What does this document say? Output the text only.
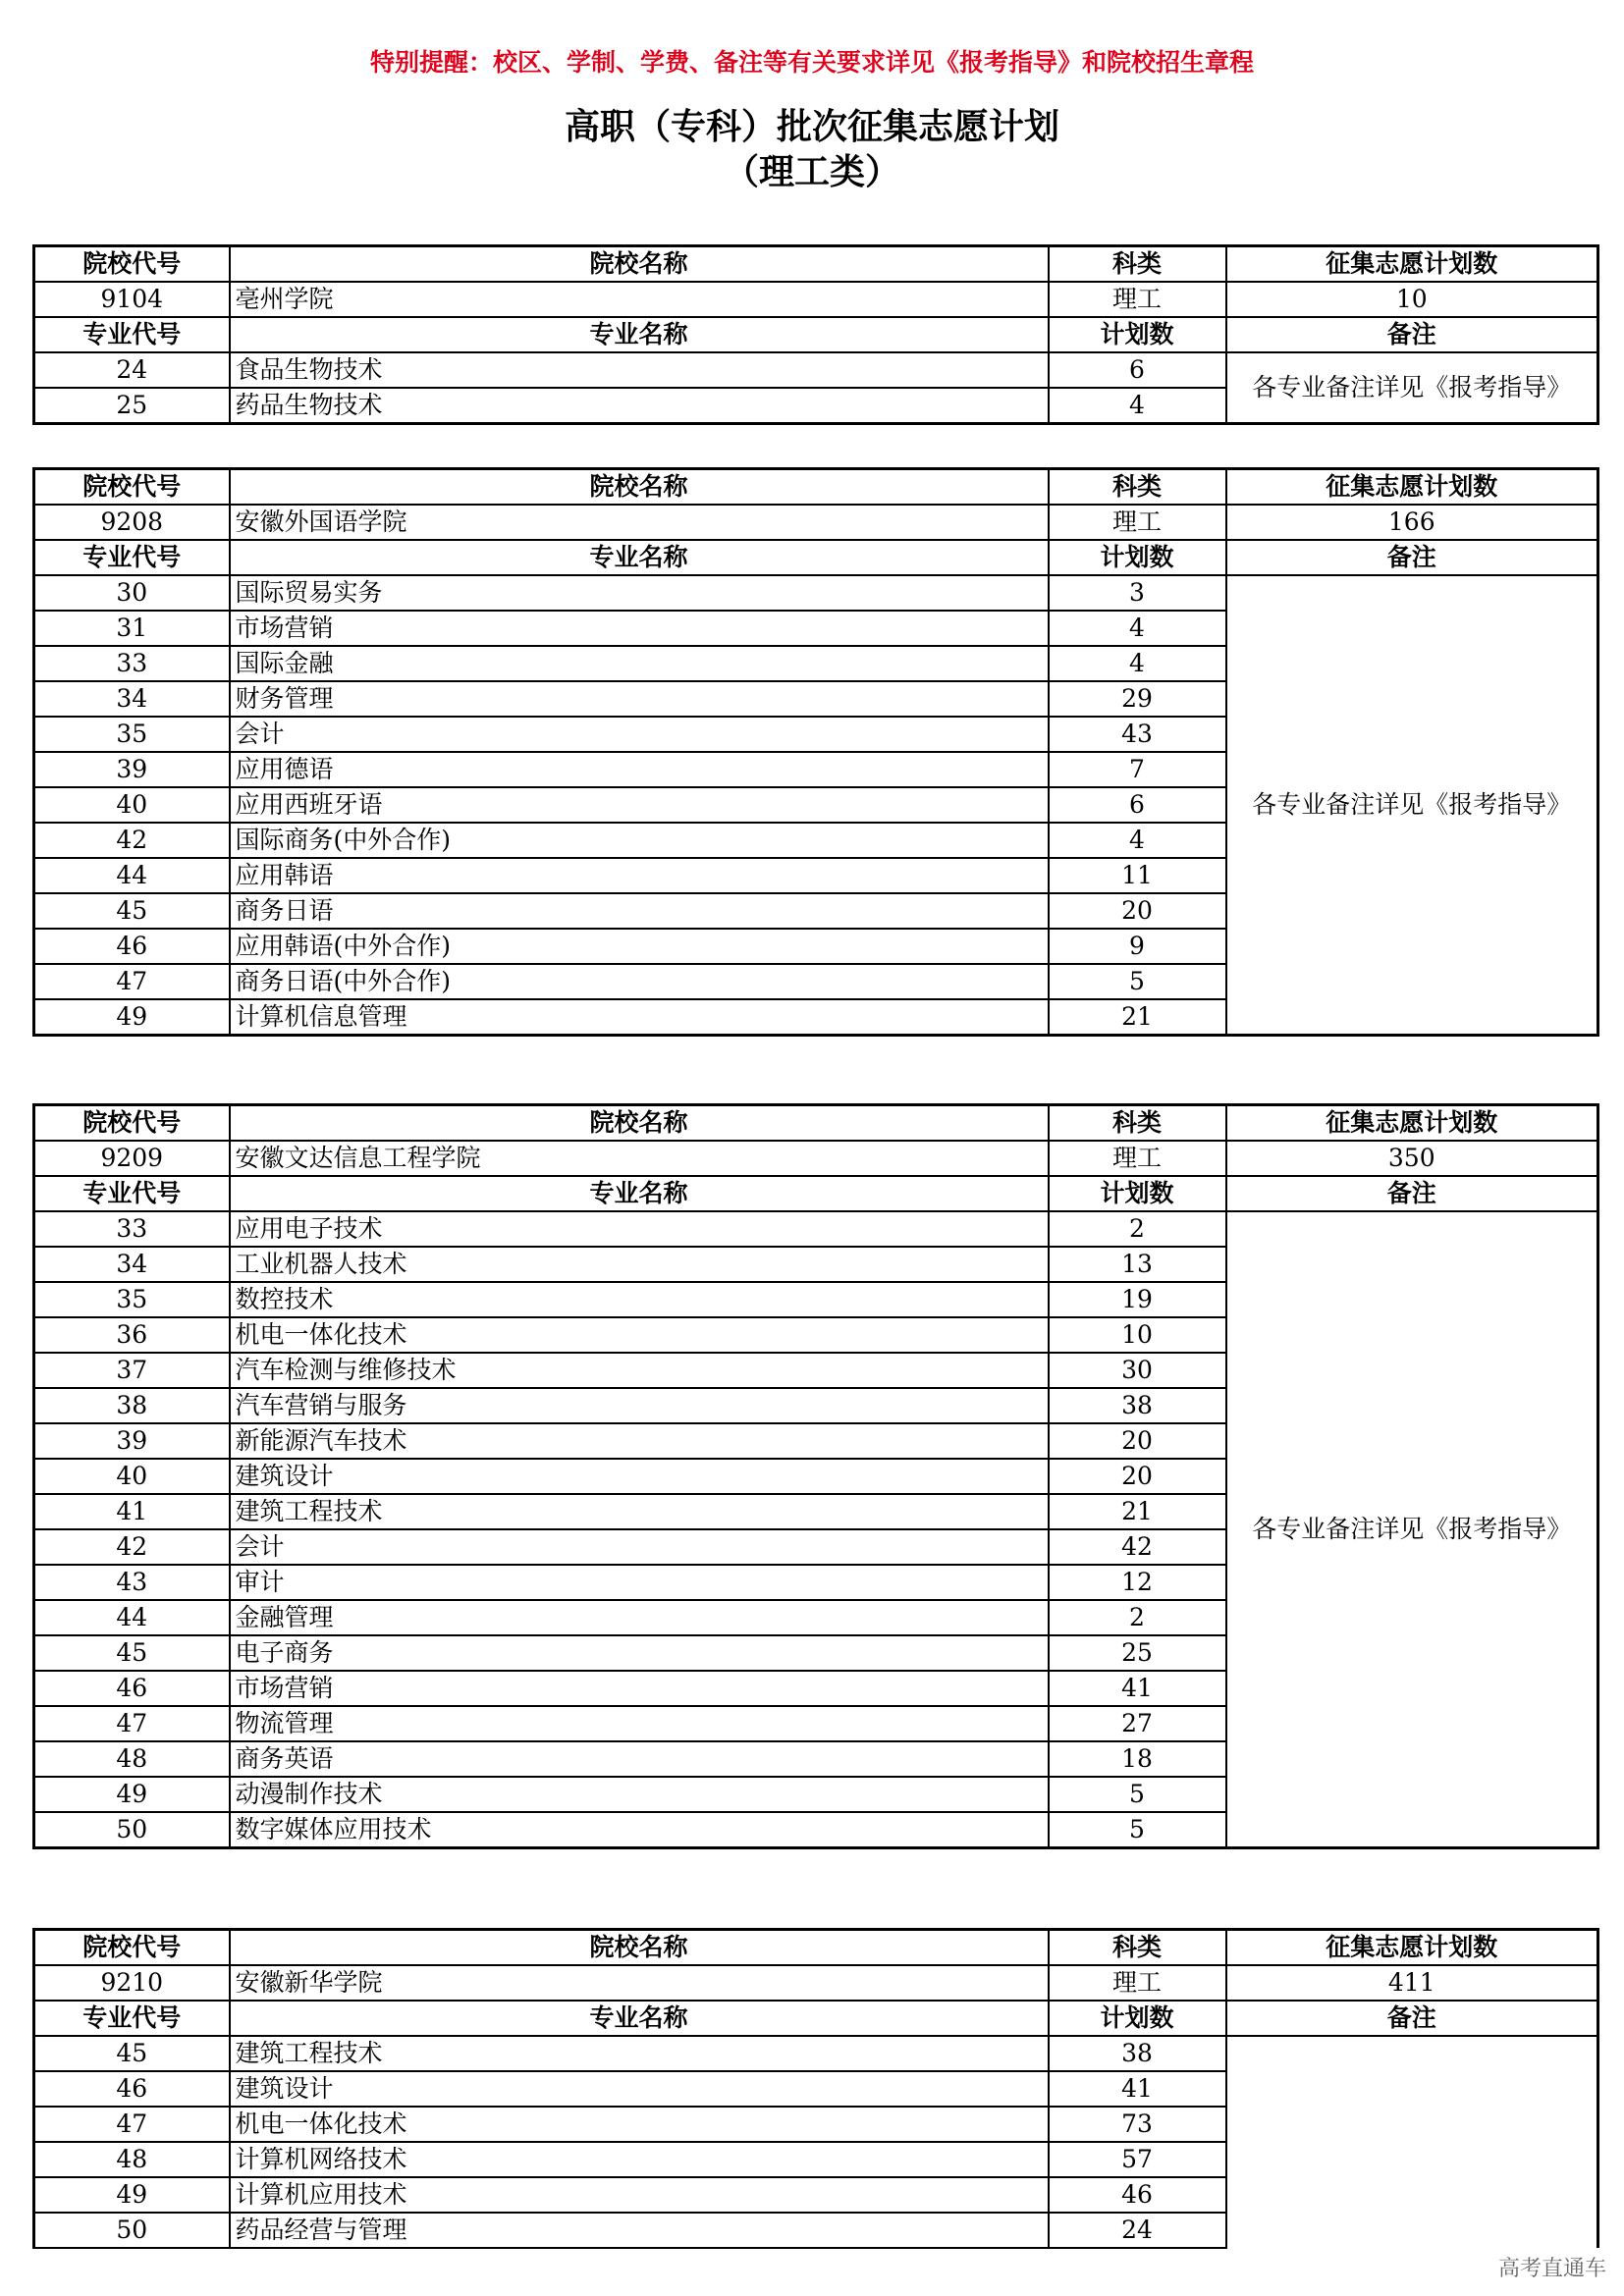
特别提醒：校区、学制、学费、备注等有关要求详见《报考指导》和院校招生章程
高职（专科）批次征集志愿计划
（理工类）
院校代号	院校名称	科类	征集志愿计划数
9104	亳州学院	理工	10
专业代号	专业名称	计划数	备注
24	食品生物技术	6	各专业备注详见《报考指导》
25	药品生物技术	4	
院校代号	院校名称	科类	征集志愿计划数
9208	安徽外国语学院	理工	166
专业代号	专业名称	计划数	备注
30	国际贸易实务	3	各专业备注详见《报考指导》
31	市场营销	4	
33	国际金融	4	
34	财务管理	29	
35	会计	43	
39	应用德语	7	
40	应用西班牙语	6	
42	国际商务(中外合作)	4	
44	应用韩语	11	
45	商务日语	20	
46	应用韩语(中外合作)	9	
47	商务日语(中外合作)	5	
49	计算机信息管理	21	
院校代号	院校名称	科类	征集志愿计划数
9209	安徽文达信息工程学院	理工	350
专业代号	专业名称	计划数	备注
33	应用电子技术	2	各专业备注详见《报考指导》
34	工业机器人技术	13	
35	数控技术	19	
36	机电一体化技术	10	
37	汽车检测与维修技术	30	
38	汽车营销与服务	38	
39	新能源汽车技术	20	
40	建筑设计	20	
41	建筑工程技术	21	
42	会计	42	
43	审计	12	
44	金融管理	2	
45	电子商务	25	
46	市场营销	41	
47	物流管理	27	
48	商务英语	18	
49	动漫制作技术	5	
50	数字媒体应用技术	5	
院校代号	院校名称	科类	征集志愿计划数
9210	安徽新华学院	理工	411
专业代号	专业名称	计划数	备注
45	建筑工程技术	38	
46	建筑设计	41	
47	机电一体化技术	73	
48	计算机网络技术	57	
49	计算机应用技术	46	
50	药品经营与管理	24	
高考直通车
